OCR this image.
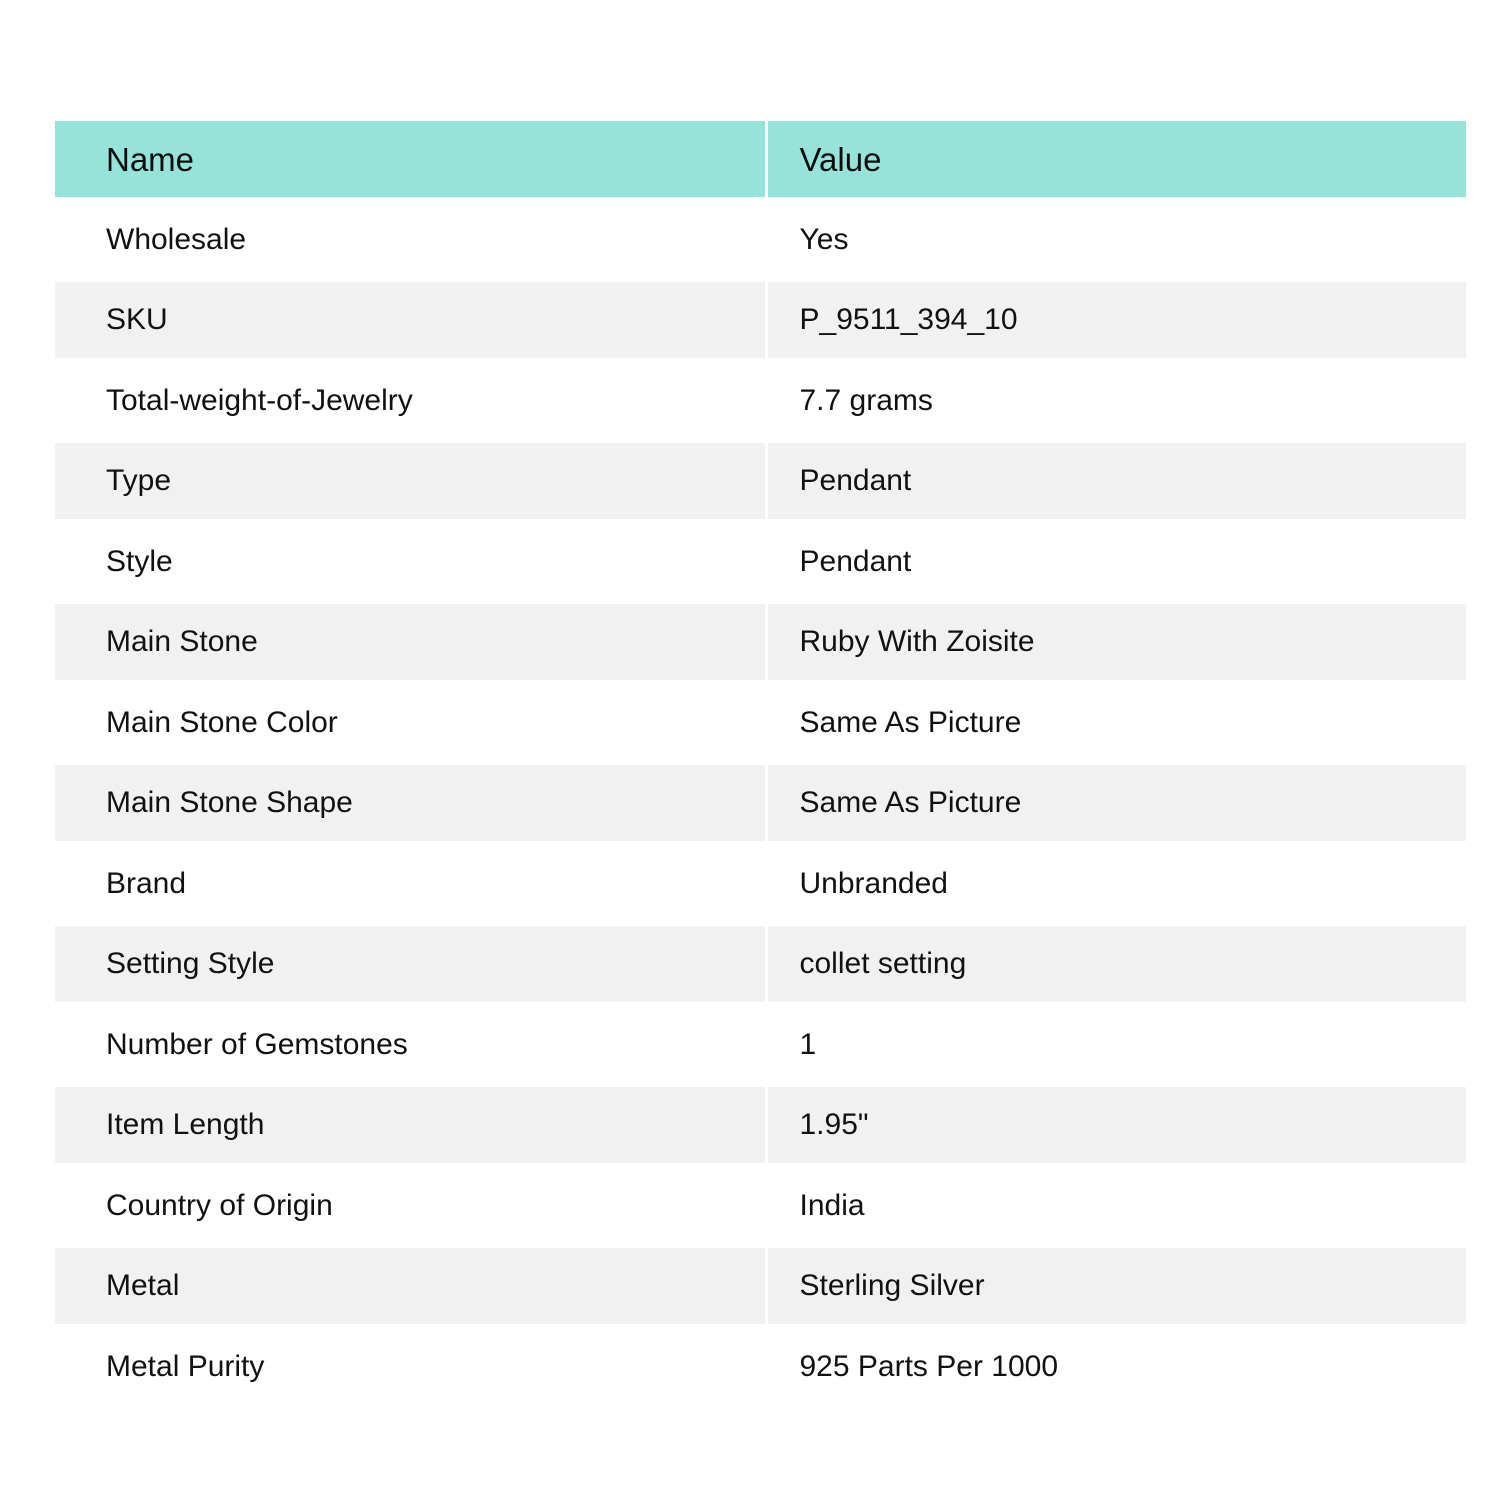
Name	Value
Wholesale	Yes
SKU	P_9511_394_10
Total-weight-of-Jewelry	7.7 grams
Type	Pendant
Style	Pendant
Main Stone	Ruby With Zoisite
Main Stone Color	Same As Picture
Main Stone Shape	Same As Picture
Brand	Unbranded
Setting Style	collet setting
Number of Gemstones	1
Item Length	1.95"
Country of Origin	India
Metal	Sterling Silver
Metal Purity	925 Parts Per 1000
